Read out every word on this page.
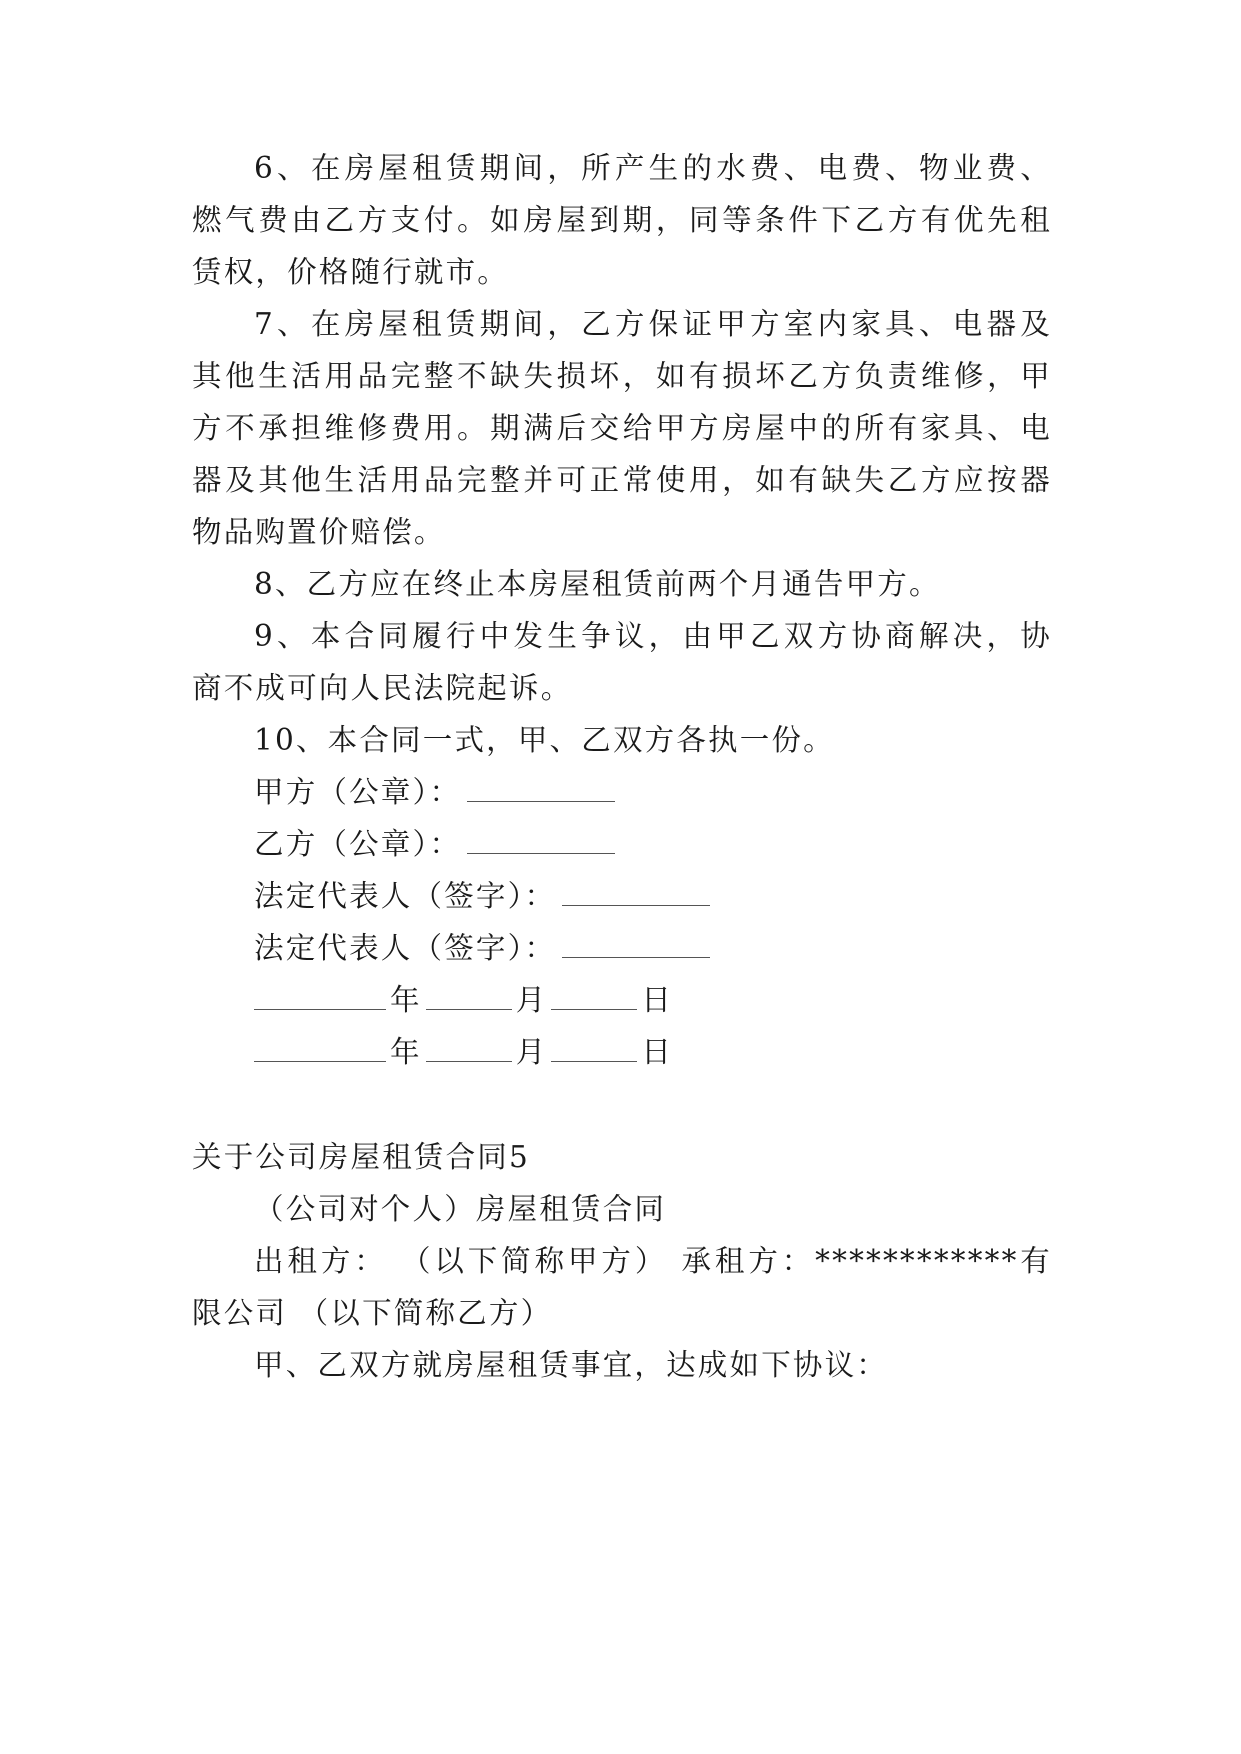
6、在房屋租赁期间，所产生的水费、电费、物业费、
燃气费由乙方支付。如房屋到期，同等条件下乙方有优先租
赁权，价格随行就市。
7、在房屋租赁期间，乙方保证甲方室内家具、电器及
其他生活用品完整不缺失损坏，如有损坏乙方负责维修，甲
方不承担维修费用。期满后交给甲方房屋中的所有家具、电
器及其他生活用品完整并可正常使用，如有缺失乙方应按器
物品购置价赔偿。
8、乙方应在终止本房屋租赁前两个月通告甲方。
9、本合同履行中发生争议，由甲乙双方协商解决，协
商不成可向人民法院起诉。
10、本合同一式，甲、乙双方各执一份。
甲方（公章）：
乙方（公章）：
法定代表人（签字）：
法定代表人（签字）：
年	月	日
年	月	日
关于公司房屋租赁合同5
（公司对个人）房屋租赁合同
出租方： （以下简称甲方） 承租方：************有
限公司 （以下简称乙方）
甲、乙双方就房屋租赁事宜，达成如下协议：
